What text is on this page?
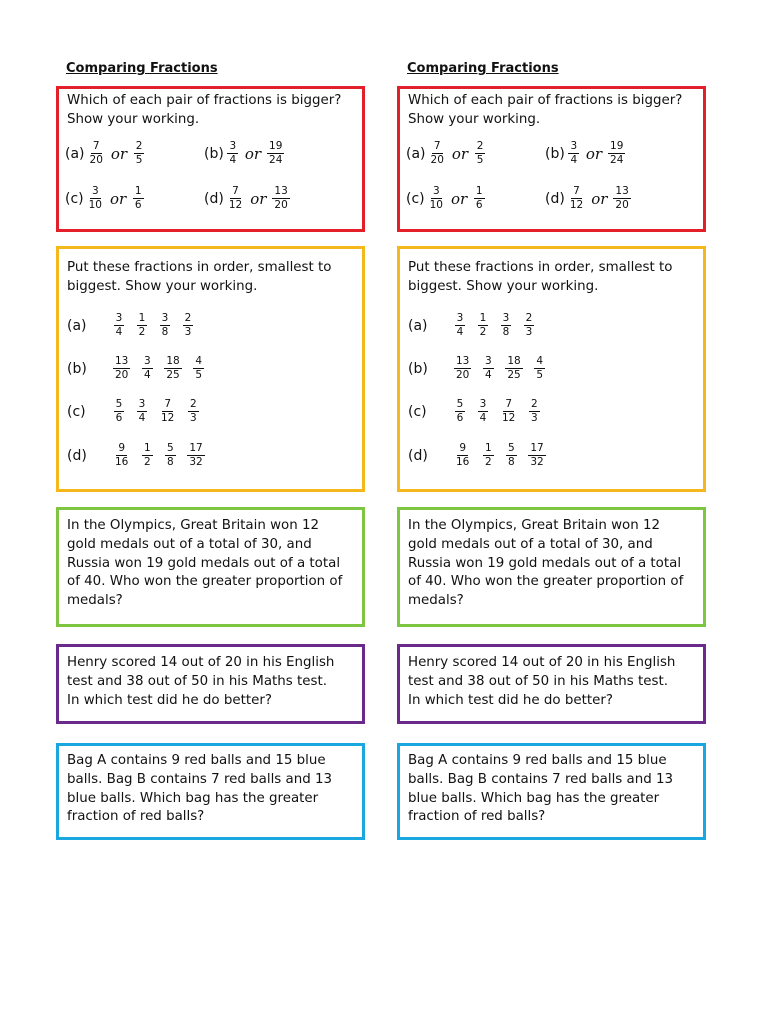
Comparing Fractions
Which of each pair of fractions is bigger?
Show your working.
$(a) \frac{7}{20}$ or $\frac{2}{5}$	$(b) \frac{3}{4}$ or $\frac{19}{24}$
$(c) \frac{3}{10}$ or $\frac{1}{6}$	$(d) \frac{7}{12}$ or $\frac{13}{20}$
Put these fractions in order, smallest to
biggest. Show your working.
(a)	$\frac{3}{4} \frac{1}{2} \frac{3}{8} \frac{2}{3}$
(b)	$\frac{13}{20} \frac{3}{4} \frac{18}{25} \frac{4}{5}$
(c)	$\frac{5}{6} \frac{3}{4} \frac{7}{12} \frac{2}{3}$
(d)	$\frac{9}{16} \frac{1}{2} \frac{5}{8} \frac{17}{32}$
In the Olympics, Great Britain won 12
gold medals out of a total of 30, and
Russia won 19 gold medals out of a total
of 40. Who won the greater proportion of
medals?
Henry scored 14 out of 20 in his English
test and 38 out of 50 in his Maths test.
In which test did he do better?
Bag A contains 9 red balls and 15 blue
balls. Bag B contains 7 red balls and 13
blue balls. Which bag has the greater
fraction of red balls?
Comparing Fractions
Which of each pair of fractions is bigger?
Show your working.
$(a) \frac{7}{20}$ or $\frac{2}{5}$	$(b) \frac{3}{4}$ or $\frac{19}{24}$
$(c) \frac{3}{10}$ or $\frac{1}{6}$	$(d) \frac{7}{12}$ or $\frac{13}{20}$
Put these fractions in order, smallest to
biggest. Show your working.
(a)	$\frac{3}{4} \frac{1}{2} \frac{3}{8} \frac{2}{3}$
(b)	$\frac{13}{20} \frac{3}{4} \frac{18}{25} \frac{4}{5}$
(c)	$\frac{5}{6} \frac{3}{4} \frac{7}{12} \frac{2}{3}$
(d)	$\frac{9}{16} \frac{1}{2} \frac{5}{8} \frac{17}{32}$
In the Olympics, Great Britain won 12
gold medals out of a total of 30, and
Russia won 19 gold medals out of a total
of 40. Who won the greater proportion of
medals?
Henry scored 14 out of 20 in his English
test and 38 out of 50 in his Maths test.
In which test did he do better?
Bag A contains 9 red balls and 15 blue
balls. Bag B contains 7 red balls and 13
blue balls. Which bag has the greater
fraction of red balls?
